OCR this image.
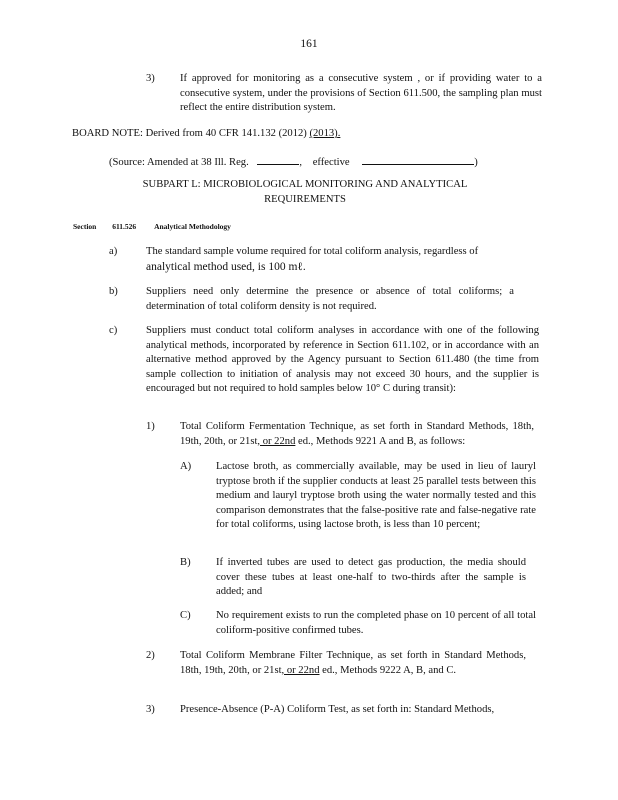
161
3) If approved for monitoring as a consecutive system , or if providing water to a consecutive system, under the provisions of Section 611.500, the sampling plan must reflect the entire distribution system.
BOARD NOTE: Derived from 40 CFR 141.132 (2012) (2013).
(Source: Amended at 38 Ill. Reg.	, effective	)
SUBPART L: MICROBIOLOGICAL MONITORING AND ANALYTICAL
REQUIREMENTS
Section 611.526 Analytical Methodology
a)	The standard sample volume required for total coliform analysis, regardless of
analytical method used, is 100 mℓ.
b)	Suppliers need only determine the presence or absence of total coliforms; a determination of total coliform density is not required.
c)	Suppliers must conduct total coliform analyses in accordance with one of the following analytical methods, incorporated by reference in Section 611.102, or in accordance with an alternative method approved by the Agency pursuant to Section 611.480 (the time from sample collection to initiation of analysis may not exceed 30 hours, and the supplier is encouraged but not required to hold samples below 10° C during transit):
1) Total Coliform Fermentation Technique, as set forth in Standard Methods, 18th, 19th, 20th, or 21st, or 22nd ed., Methods 9221 A and B, as follows:
A) Lactose broth, as commercially available, may be used in lieu of lauryl tryptose broth if the supplier conducts at least 25 parallel tests between this medium and lauryl tryptose broth using the water normally tested and this comparison demonstrates that the false-positive rate and false-negative rate for total coliforms, using lactose broth, is less than 10 percent;
B) If inverted tubes are used to detect gas production, the media should cover these tubes at least one-half to two-thirds after the sample is added; and
C) No requirement exists to run the completed phase on 10 percent of all total coliform-positive confirmed tubes.
2) Total Coliform Membrane Filter Technique, as set forth in Standard Methods, 18th, 19th, 20th, or 21st, or 22nd ed., Methods 9222 A, B, and C.
3) Presence-Absence (P-A) Coliform Test, as set forth in: Standard Methods,
